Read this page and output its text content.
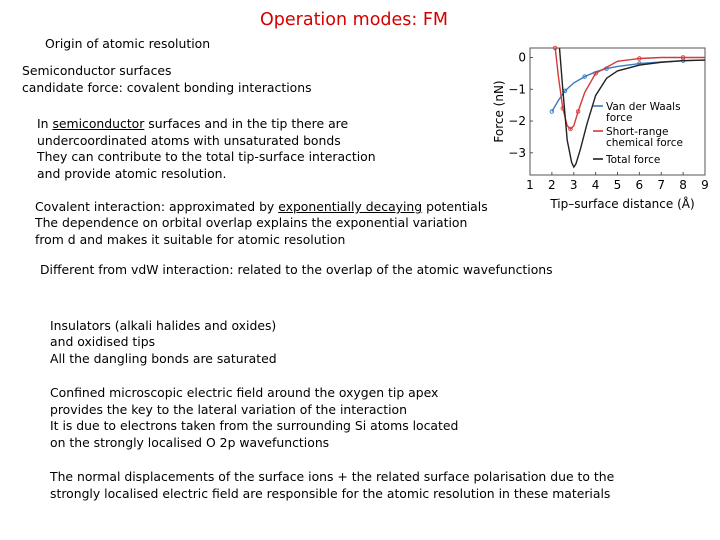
Operation modes: FM
Origin of atomic resolution
Semiconductor surfaces
candidate force: covalent bonding interactions
In semiconductor surfaces and in the tip there are
undercoordinated atoms with unsaturated bonds
They can contribute to the total tip-surface interaction
and provide atomic resolution.
Covalent interaction: approximated by exponentially decaying potentials
The dependence on orbital overlap explains the exponential variation
from d and makes it suitable for atomic resolution
Different from vdW interaction: related to the overlap of the atomic wavefunctions
Insulators (alkali halides and oxides)
and oxidised tips
All the dangling bonds are saturated
Confined microscopic electric field around the oxygen tip apex
provides the key to the lateral variation of the interaction
It is due to electrons taken from the surrounding Si atoms located
on the strongly localised O 2p wavefunctions
The normal displacements of the surface ions + the related surface polarisation due to the
strongly localised electric field are responsible for the atomic resolution in these materials
1 2 3 4 5 6 7 8 9
0
−1
−2
−3
Force (nN)
Tip–surface distance (Å)
Van der Waals force
Short-range chemical force
Total force
